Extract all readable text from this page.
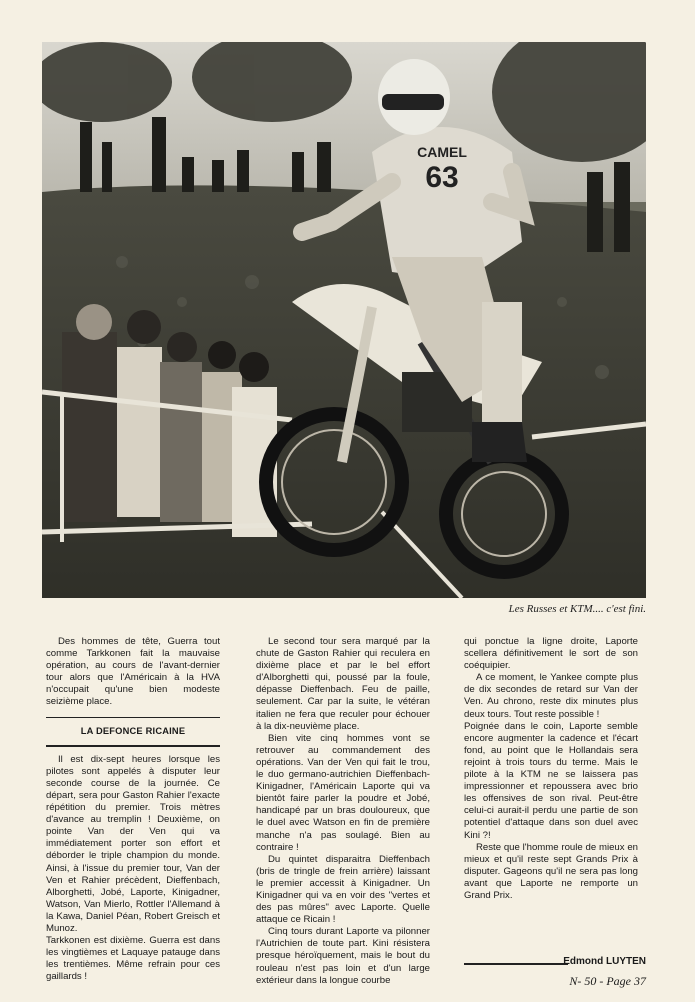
63
CAMEL
Les Russes et KTM.... c'est fini.

Des hommes de tête, Guerra tout comme Tarkkonen fait la mauvaise opération, au cours de l'avant-dernier tour alors que l'Américain à la HVA n'occupait qu'une bien modeste seizième place.

LA DEFONCE RICAINE

Il est dix-sept heures lorsque les pilotes sont appelés à disputer leur seconde course de la journée. Ce départ, sera pour Gaston Rahier l'exacte répétition du premier. Trois mètres d'avance au tremplin ! Deuxième, on pointe Van der Ven qui va immédiatement porter son effort et déborder le triple champion du monde. Ainsi, à l'issue du premier tour, Van der Ven et Rahier précèdent, Dieffenbach, Alborghetti, Jobé, Laporte, Kinigadner, Watson, Van Mierlo, Rottler l'Allemand à la Kawa, Daniel Péan, Robert Greisch et Munoz.

Tarkkonen est dixième. Guerra est dans les vingtièmes et Laquaye patauge dans les trentièmes. Même refrain pour ces gaillards !

Le second tour sera marqué par la chute de Gaston Rahier qui reculera en dixième place et par le bel effort d'Alborghetti qui, poussé par la foule, dépasse Dieffenbach. Feu de paille, seulement. Car par la suite, le vétéran italien ne fera que reculer pour échouer à la dix-neuvième place.

Bien vite cinq hommes vont se retrouver au commandement des opérations. Van der Ven qui fait le trou, le duo germano-autrichien Dieffenbach-Kinigadner, l'Américain Laporte qui va bientôt faire parler la poudre et Jobé, handicapé par un bras douloureux, que le duel avec Watson en fin de première manche n'a pas soulagé. Bien au contraire !

Du quintet disparaitra Dieffenbach (bris de tringle de frein arrière) laissant le premier accessit à Kinigadner. Un Kinigadner qui va en voir des "vertes et des pas mûres" avec Laporte. Quelle attaque ce Ricain !

Cinq tours durant Laporte va pilonner l'Autrichien de toute part. Kini résistera presque héroïquement, mais le bout du rouleau n'est pas loin et d'un large extérieur dans la longue courbe

qui ponctue la ligne droite, Laporte scellera définitivement le sort de son coéquipier.

A ce moment, le Yankee compte plus de dix secondes de retard sur Van der Ven. Au chrono, reste dix minutes plus deux tours. Tout reste possible !

Poignée dans le coin, Laporte semble encore augmenter la cadence et l'écart fond, au point que le Hollandais sera rejoint à trois tours du terme. Mais le pilote à la KTM ne se laissera pas impressionner et repoussera avec brio les offensives de son rival. Peut-être celui-ci aurait-il perdu une partie de son potentiel d'attaque dans son duel avec Kini ?!

Reste que l'homme roule de mieux en mieux et qu'il reste sept Grands Prix à disputer. Gageons qu'il ne sera pas long avant que Laporte ne remporte un Grand Prix.

Edmond LUYTEN
N- 50 - Page 37
